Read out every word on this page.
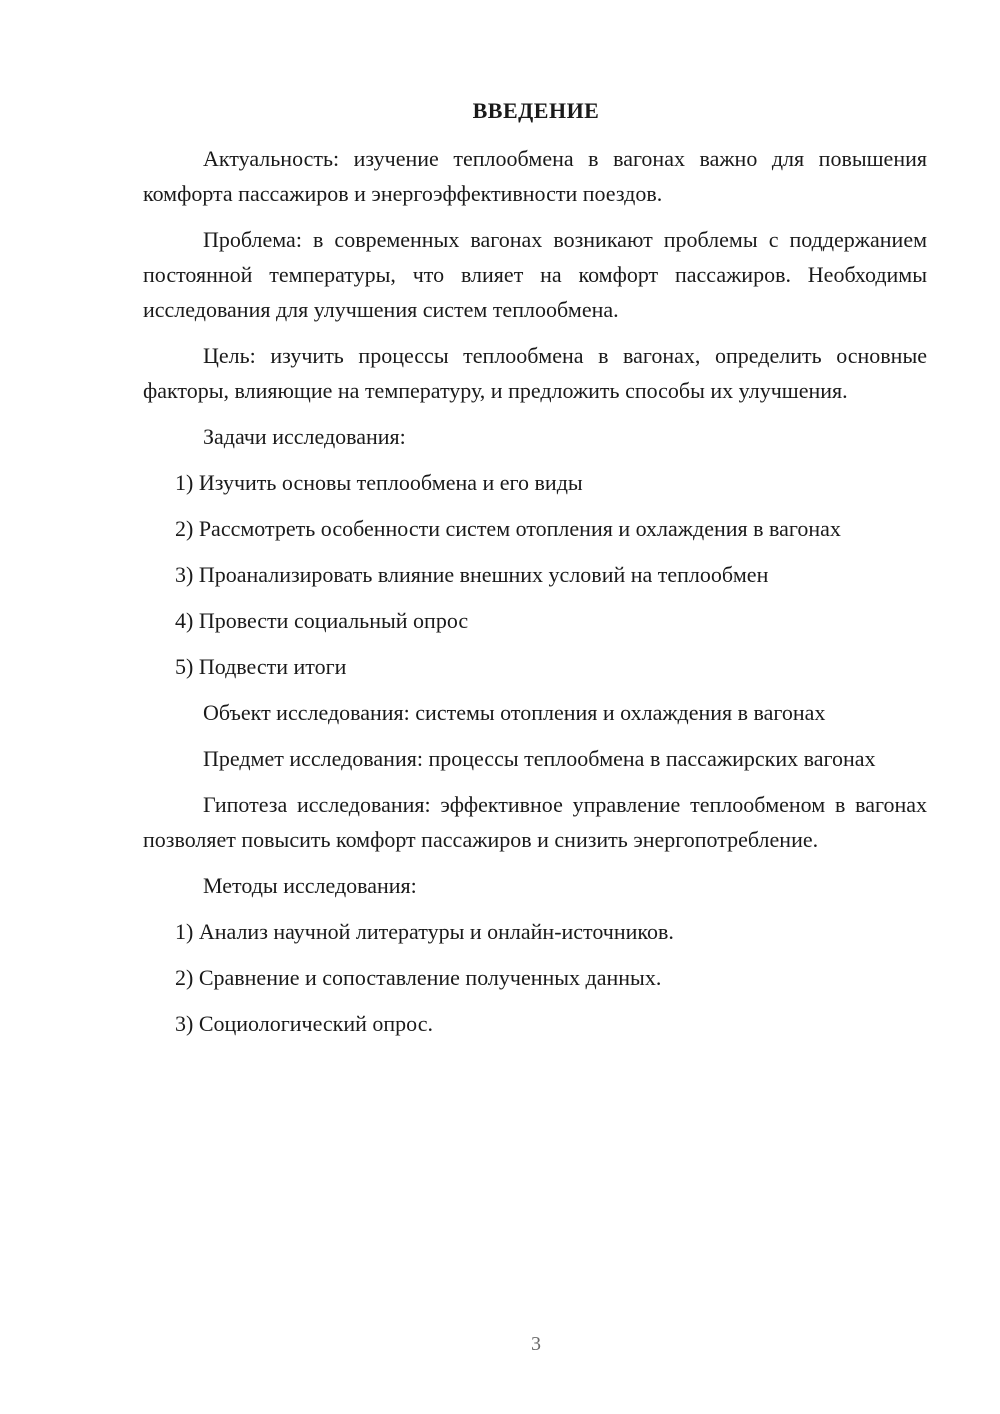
ВВЕДЕНИЕ

Актуальность: изучение теплообмена в вагонах важно для повышения комфорта пассажиров и энергоэффективности поездов.

Проблема: в современных вагонах возникают проблемы с поддержанием постоянной температуры, что влияет на комфорт пассажиров. Необходимы исследования для улучшения систем теплообмена.

Цель: изучить процессы теплообмена в вагонах, определить основные факторы, влияющие на температуру, и предложить способы их улучшения.

Задачи исследования:

1) Изучить основы теплообмена и его виды
2) Рассмотреть особенности систем отопления и охлаждения в вагонах
3) Проанализировать влияние внешних условий на теплообмен
4) Провести социальный опрос
5) Подвести итоги

Объект исследования: системы отопления и охлаждения в вагонах

Предмет исследования: процессы теплообмена в пассажирских вагонах

Гипотеза исследования: эффективное управление теплообменом в вагонах позволяет повысить комфорт пассажиров и снизить энергопотребление.

Методы исследования:

1) Анализ научной литературы и онлайн-источников.
2) Сравнение и сопоставление полученных данных.
3) Социологический опрос.
3
